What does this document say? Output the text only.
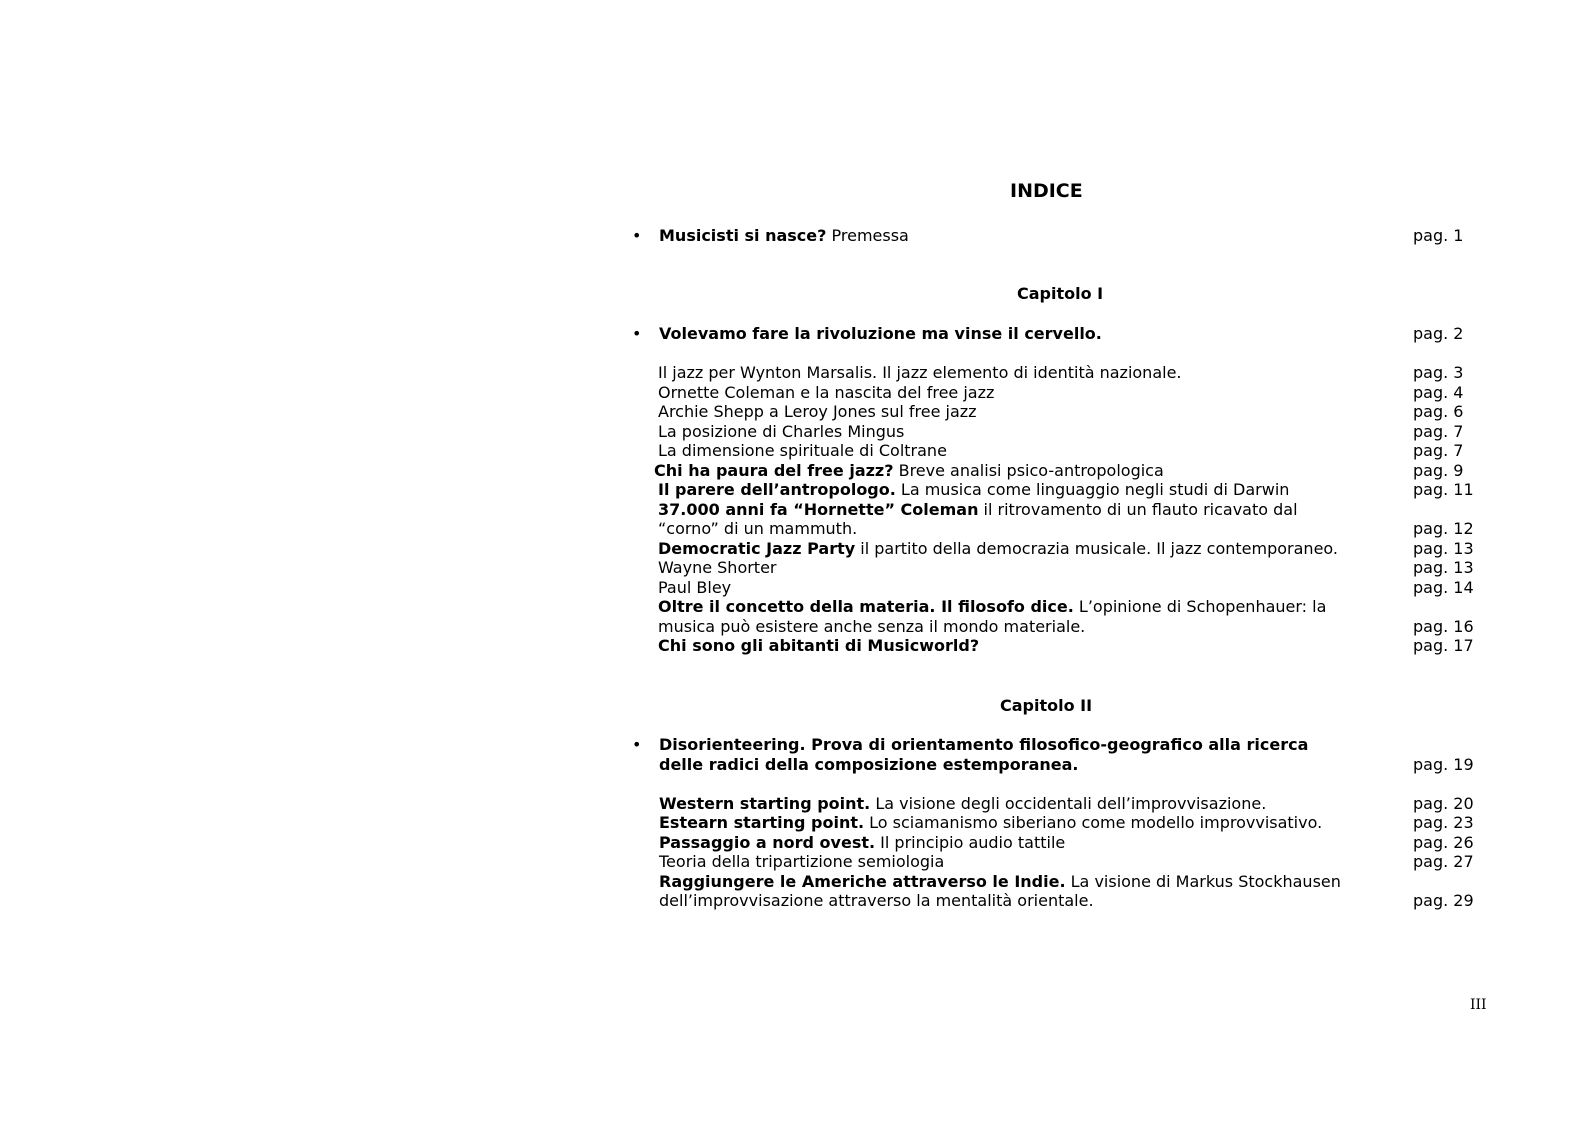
INDICE
• Musicisti si nasce? Premessa	pag. 1
Capitolo I
• Volevamo fare la rivoluzione ma vinse il cervello.	pag. 2
Il jazz per Wynton Marsalis. Il jazz elemento di identità nazionale.	pag. 3
Ornette Coleman e la nascita del free jazz	pag. 4
Archie Shepp a Leroy Jones sul free jazz	pag. 6
La posizione di Charles Mingus	pag. 7
La dimensione spirituale di Coltrane	pag. 7
Chi ha paura del free jazz? Breve analisi psico-antropologica	pag. 9
Il parere dell’antropologo. La musica come linguaggio negli studi di Darwin	pag. 11
37.000 anni fa “Hornette” Coleman il ritrovamento di un flauto ricavato dal
“corno” di un mammuth.	pag. 12
Democratic Jazz Party il partito della democrazia musicale. Il jazz contemporaneo.	pag. 13
Wayne Shorter	pag. 13
Paul Bley	pag. 14
Oltre il concetto della materia. Il filosofo dice. L’opinione di Schopenhauer: la
musica può esistere anche senza il mondo materiale.	pag. 16
Chi sono gli abitanti di Musicworld?	pag. 17
Capitolo II
• Disorienteering. Prova di orientamento filosofico-geografico alla ricerca
delle radici della composizione estemporanea.	pag. 19
Western starting point. La visione degli occidentali dell’improvvisazione.	pag. 20
Estearn starting point. Lo sciamanismo siberiano come modello improvvisativo.	pag. 23
Passaggio a nord ovest. Il principio audio tattile	pag. 26
Teoria della tripartizione semiologia	pag. 27
Raggiungere le Americhe attraverso le Indie. La visione di Markus Stockhausen
dell’improvvisazione attraverso la mentalità orientale.	pag. 29
III
